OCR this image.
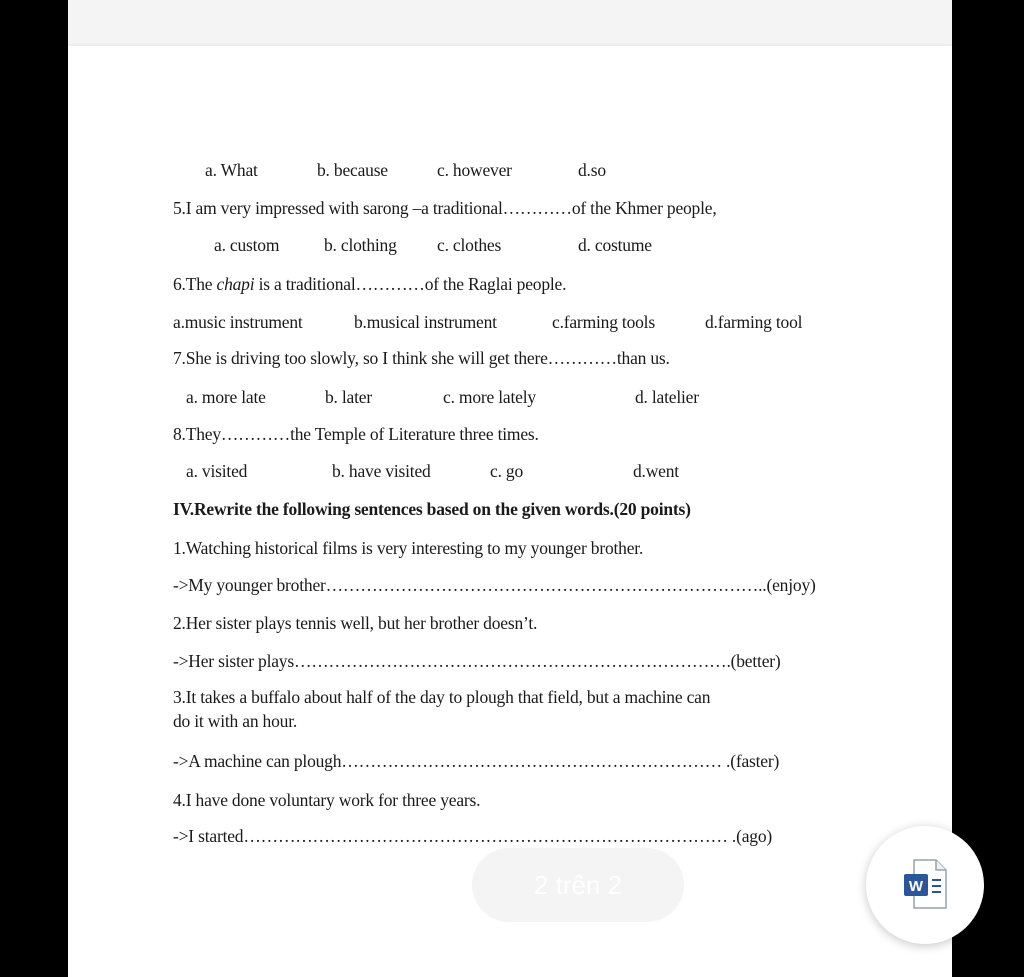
a. What	b. because	c. however	d.so
5.I am very impressed with sarong –a traditional…………of the Khmer people,
a. custom	b. clothing c. clothes	d. costume
6.The chapi is a traditional…………of the Raglai people.
a.music instrument	b.musical instrument	c.farming tools	d.farming tool
7.She is driving too slowly, so I think she will get there…………than us.
a. more late	b. later	c. more lately	d. latelier
8.They…………the Temple of Literature three times.
a. visited	b. have visited	c. go	d.went
IV.Rewrite the following sentences based on the given words.(20 points)
1.Watching historical films is very interesting to my younger brother.
->My younger brother…………………………………………………………………..(enjoy)
2.Her sister plays tennis well, but her brother doesn’t.
->Her sister plays………………………………………………………………….(better)
3.It takes a buffalo about half of the day to plough that field, but a machine can
do it with an hour.
->A machine can plough………………………………………………………… .(faster)
4.I have done voluntary work for three years.
->I started………………………………………………………………………… .(ago)
2 trên 2	W
